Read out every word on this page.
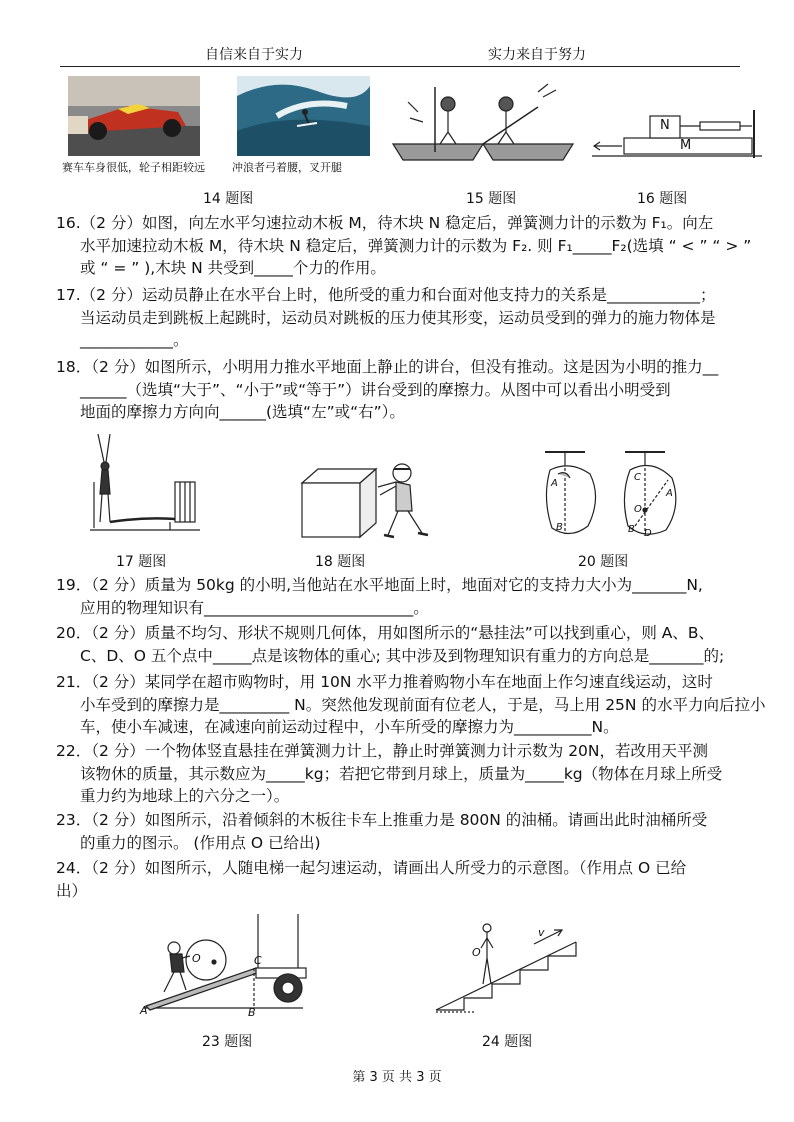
自信来自于实力	实力来自于努力
赛车车身很低，轮子相距较远 冲浪者弓着腰，叉开腿
14 题图	15 题图
N
M
16 题图
16.（2 分）如图，向左水平匀速拉动木板 M，待木块 N 稳定后，弹簧测力计的示数为 F₁。向左
水平加速拉动木板 M，待木块 N 稳定后，弹簧测力计的示数为 F₂. 则 F₁_____F₂(选填 “ < ” “ > ”
或 “ = ” ),木块 N 共受到_____个力的作用。
17.（2 分）运动员静止在水平台上时，他所受的重力和台面对他支持力的关系是____________；
当运动员走到跳板上起跳时，运动员对跳板的压力使其形变，运动员受到的弹力的施力物体是
____________。
18．（2 分）如图所示，小明用力推水平地面上静止的讲台，但没有推动。这是因为小明的推力__
______（选填“大于”、“小于”或“等于”）讲台受到的摩擦力。从图中可以看出小明受到
地面的摩擦力方向向______(选填“左”或“右”）。
17 题图	18 题图
A
B
C
A
O
B D
20 题图
19．（2 分）质量为 50kg 的小明,当他站在水平地面上时，地面对它的支持力大小为_______N,
应用的物理知识有___________________________。
20．（2 分）质量不均匀、形状不规则几何体，用如图所示的“悬挂法”可以找到重心，则 A、B、
C、D、O 五个点中_____点是该物体的重心; 其中涉及到物理知识有重力的方向总是_______的;
21．（2 分）某同学在超市购物时，用 10N 水平力推着购物小车在地面上作匀速直线运动，这时
小车受到的摩擦力是_________ N。突然他发现前面有位老人，于是，马上用 25N 的水平力向后拉小
车，使小车减速，在减速向前运动过程中，小车所受的摩擦力为__________N。
22．（2 分）一个物体竖直悬挂在弹簧测力计上，静止时弹簧测力计示数为 20N，若改用天平测
该物休的质量，其示数应为_____kg；若把它带到月球上，质量为_____kg（物体在月球上所受
重力约为地球上的六分之一）。
23．（2 分）如图所示，沿着倾斜的木板往卡车上推重力是 800N 的油桶。请画出此时油桶所受
的重力的图示。 (作用点 O 已给出)
24．（2 分）如图所示，人随电梯一起匀速运动，请画出人所受力的示意图。（作用点 O 已给
出）
O	C
A	B
23 题图
O
v
24 题图
第 3 页 共 3 页
